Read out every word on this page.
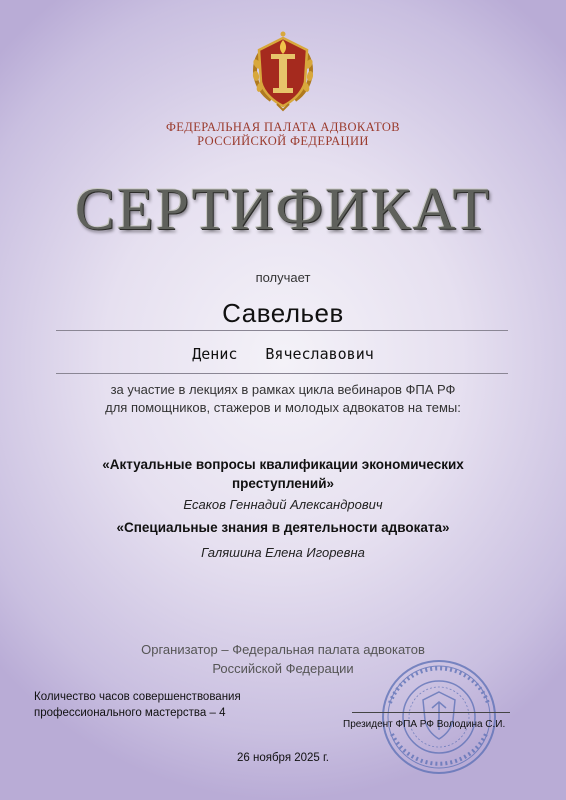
ФЕДЕРАЛЬНАЯ ПАЛАТА АДВОКАТОВ
РОССИЙСКОЙ ФЕДЕРАЦИИ
СЕРТИФИКАТ
получает
Савельев
Денис Вячеславович
за участие в лекциях в рамках цикла вебинаров ФПА РФ
для помощников, стажеров и молодых адвокатов на темы:
«Актуальные вопросы квалификации экономических преступлений»
Есаков Геннадий Александрович
«Специальные знания в деятельности адвоката»
Галяшина Елена Игоревна
Организатор – Федеральная палата адвокатов
Российской Федерации
Количество часов совершенствования
профессионального мастерства – 4
Президент ФПА РФ Володина С.И.
26 ноября 2025 г.
